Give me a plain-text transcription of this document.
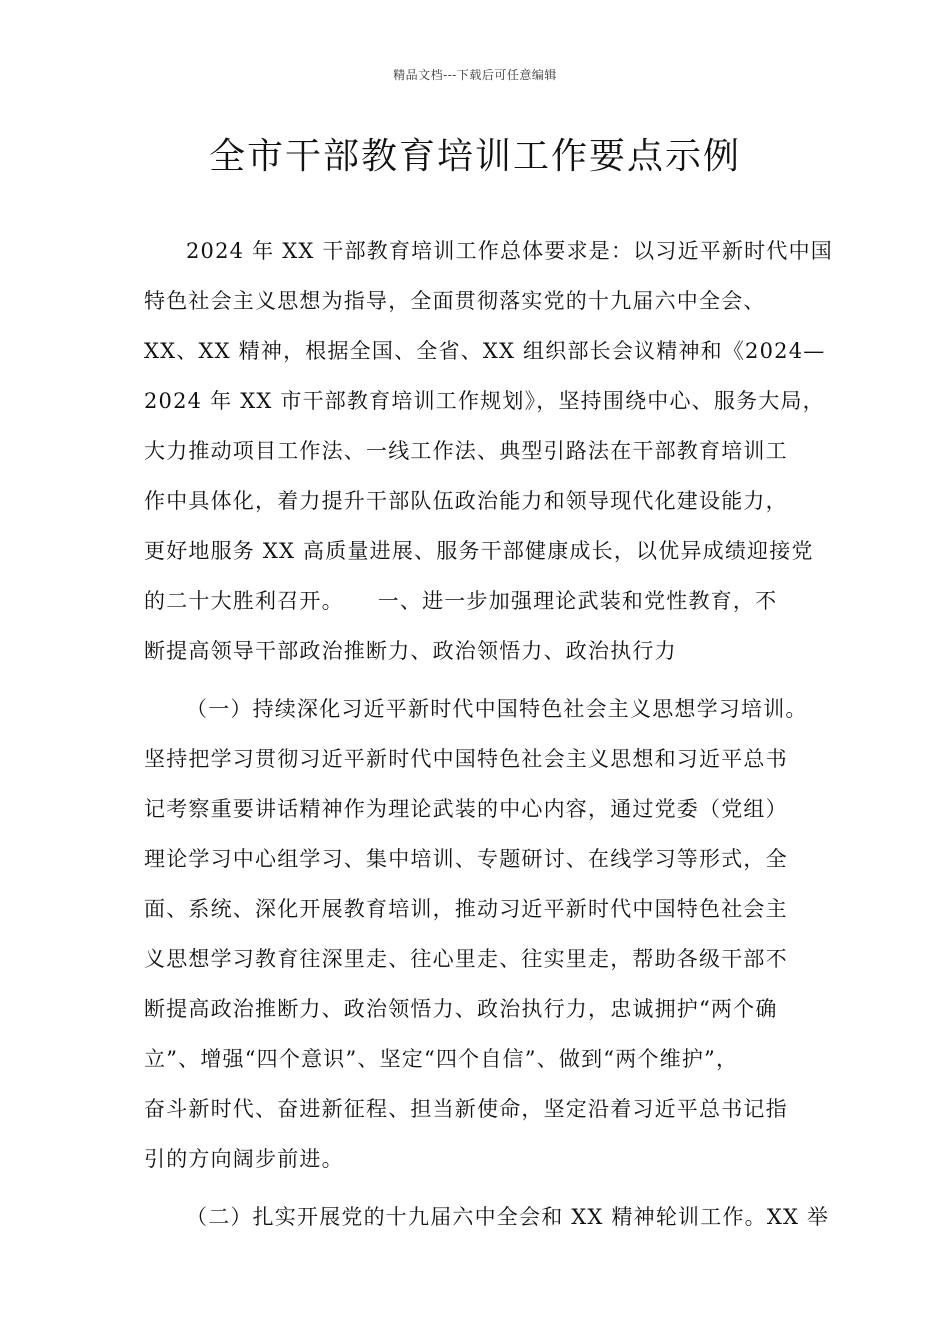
精品文档---下载后可任意编辑
全市干部教育培训工作要点示例
2024 年 XX 干部教育培训工作总体要求是：以习近平新时代中国
特色社会主义思想为指导，全面贯彻落实党的十九届六中全会、
XX、XX 精神，根据全国、全省、XX 组织部长会议精神和《2024—
2024 年 XX 市干部教育培训工作规划》，坚持围绕中心、服务大局，
大力推动项目工作法、一线工作法、典型引路法在干部教育培训工
作中具体化，着力提升干部队伍政治能力和领导现代化建设能力，
更好地服务 XX 高质量进展、服务干部健康成长，以优异成绩迎接党
的二十大胜利召开。　　一、进一步加强理论武装和党性教育，不
断提高领导干部政治推断力、政治领悟力、政治执行力
（一）持续深化习近平新时代中国特色社会主义思想学习培训。
坚持把学习贯彻习近平新时代中国特色社会主义思想和习近平总书
记考察重要讲话精神作为理论武装的中心内容，通过党委（党组）
理论学习中心组学习、集中培训、专题研讨、在线学习等形式，全
面、系统、深化开展教育培训，推动习近平新时代中国特色社会主
义思想学习教育往深里走、往心里走、往实里走，帮助各级干部不
断提高政治推断力、政治领悟力、政治执行力，忠诚拥护“两个确
立”、增强“四个意识”、坚定“四个自信”、做到“两个维护”，
奋斗新时代、奋进新征程、担当新使命，坚定沿着习近平总书记指
引的方向阔步前进。
（二）扎实开展党的十九届六中全会和 XX 精神轮训工作。XX 举
